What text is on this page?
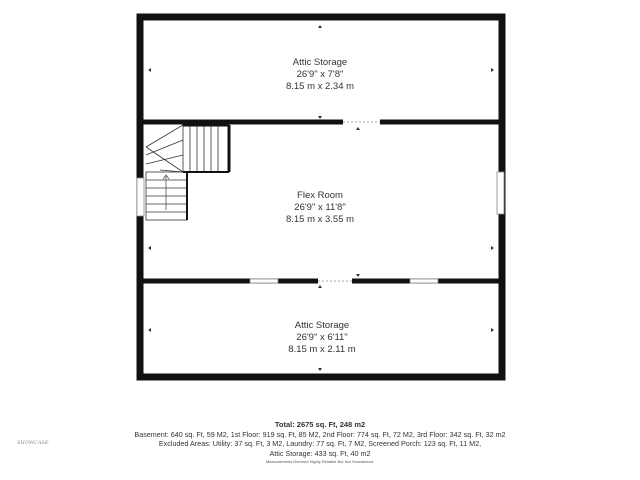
Attic Storage
26'9" x 7'8"
8.15 m x 2.34 m
Flex Room
26'9" x 11'8"
8.15 m x 3.55 m
Attic Storage
26'9" x 6'11"
8.15 m x 2.11 m
SHOWCASE
Total: 2675 sq. Ft, 248 m2
Basement: 640 sq. Ft, 59 M2, 1st Floor: 919 sq. Ft, 85 M2, 2nd Floor: 774 sq. Ft, 72 M2, 3rd Floor: 342 sq. Ft, 32 m2
Excluded Areas: Utility: 37 sq. Ft, 3 M2, Laundry: 77 sq. Ft, 7 M2, Screened Porch: 123 sq. Ft, 11 M2,
Attic Storage: 433 sq. Ft, 40 m2
Measurements Deemed Highly Reliable But Not Guaranteed.
